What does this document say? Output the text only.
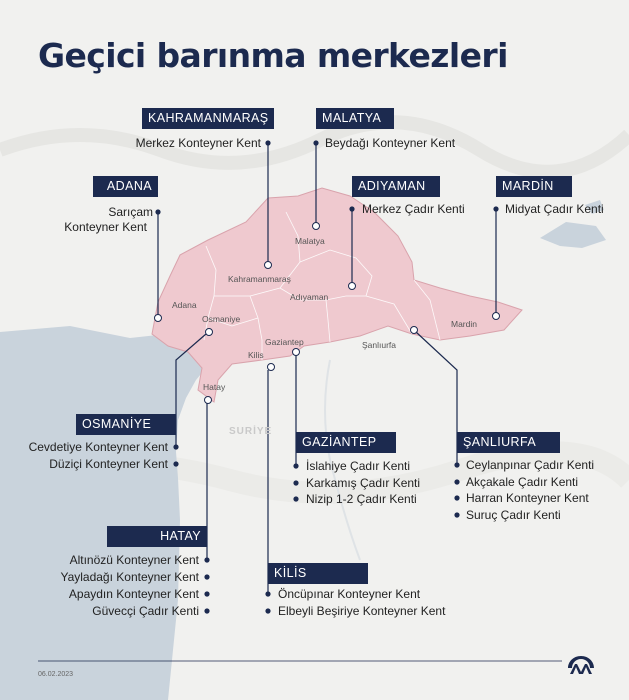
Geçici barınma merkezleri
Malatya
Kahramanmaraş
Adıyaman
Adana
Osmaniye
Gaziantep
Kilis
Şanlıurfa
Mardin
Hatay
SURİYE
KAHRAMANMARAŞ
Merkez Konteyner Kent
MALATYA
Beydağı Konteyner Kent
ADANA
Sarıçam
Konteyner Kent
ADIYAMAN
Merkez Çadır Kenti
MARDİN
Midyat Çadır Kenti
OSMANİYE
Cevdetiye Konteyner Kent
Düziçi Konteyner Kent
GAZİANTEP
İslahiye Çadır Kenti
Karkamış Çadır Kenti
Nizip 1-2 Çadır Kenti
ŞANLIURFA
Ceylanpınar Çadır Kenti
Akçakale Çadır Kenti
Harran Konteyner Kent
Suruç Çadır Kenti
HATAY
Altınözü Konteyner Kent
Yayladağı Konteyner Kent
Apaydın Konteyner Kent
Güvecçi Çadır Kenti
KİLİS
Öncüpınar Konteyner Kent
Elbeyli Beşiriye Konteyner Kent
06.02.2023
